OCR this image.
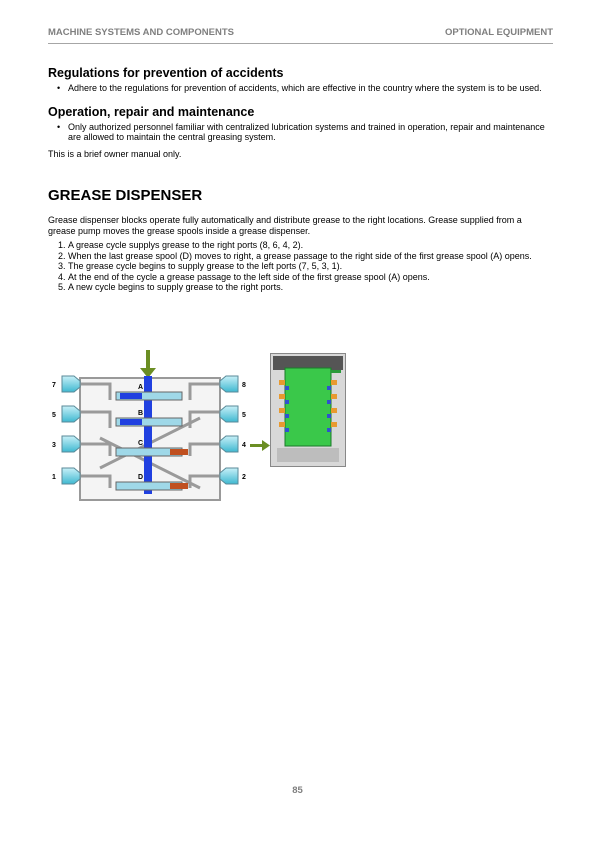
MACHINE SYSTEMS AND COMPONENTS	OPTIONAL EQUIPMENT
Regulations for prevention of accidents
• Adhere to the regulations for prevention of accidents, which are effective in the country where the system is to be used.
Operation, repair and maintenance
• Only authorized personnel familiar with centralized lubrication systems and trained in operation, repair and maintenance are allowed to maintain the central greasing system.

This is a brief owner manual only.

GREASE DISPENSER

Grease dispenser blocks operate fully automatically and distribute grease to the right locations. Grease supplied from a grease pump moves the grease spools inside a grease dispenser.

1. A grease cycle supplys grease to the right ports (8, 6, 4, 2).
2. When the last grease spool (D) moves to right, a grease passage to the right side of the first grease spool (A) opens.
3. The grease cycle begins to supply grease to the left ports (7, 5, 3, 1).
4. At the end of the cycle a grease passage to the left side of the first grease spool (A) opens.
5. A new cycle begins to supply grease to the right ports.
A
B
C
D
7
5
3
1
8
5
4
2
85
